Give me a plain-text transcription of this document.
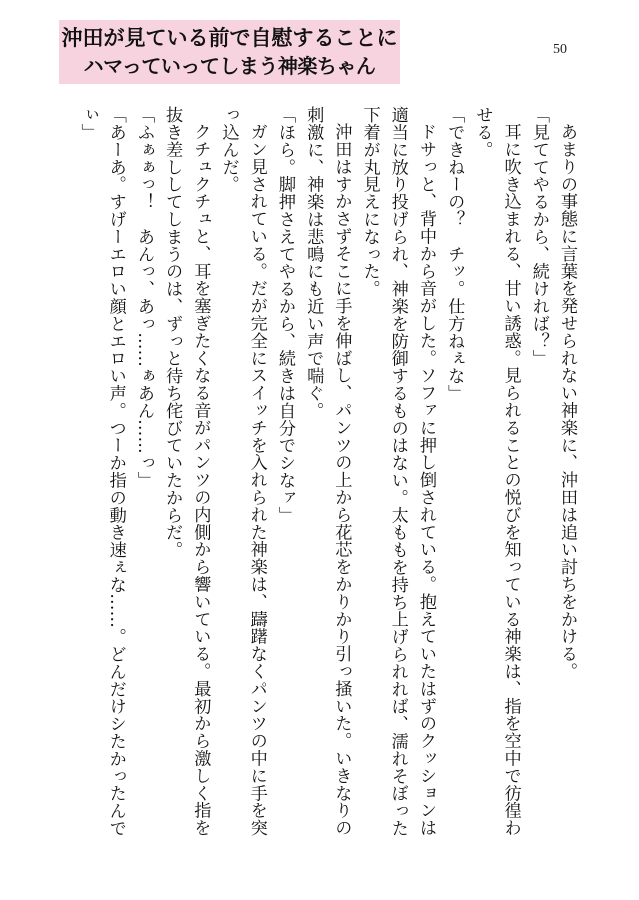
沖田が見ている前で自慰することに
ハマっていってしまう神楽ちゃん
50

あまりの事態に言葉を発せられない神楽に、沖田は追い討ちをかける。

「見ててやるから、続ければ？」

耳に吹き込まれる、甘い誘惑。見られることの悦びを知っている神楽は、指を空中で彷徨わせる。

「できねーの？　チッ。仕方ねぇな」

ドサっと、背中から音がした。ソファに押し倒されている。抱えていたはずのクッションは適当に放り投げられ、神楽を防御するものはない。太ももを持ち上げられれば、濡れそぼった下着が丸見えになった。

沖田はすかさずそこに手を伸ばし、パンツの上から花芯をかりかり引っ掻いた。いきなりの刺激に、神楽は悲鳴にも近い声で喘ぐ。

「ほら。脚押さえてやるから、続きは自分でシなァ」

ガン見されている。だが完全にスイッチを入れられた神楽は、躊躇なくパンツの中に手を突っ込んだ。

クチュクチュと、耳を塞ぎたくなる音がパンツの内側から響いている。最初から激しく指を抜き差ししてしまうのは、ずっと待ち侘びていたからだ。

「ふぁぁっ！　あんっ、あっ……ぁあん……っ」

「あーあ。すげーエロい顔とエロい声。つーか指の動き速ぇな……。どんだけシたかったんでぃ」
